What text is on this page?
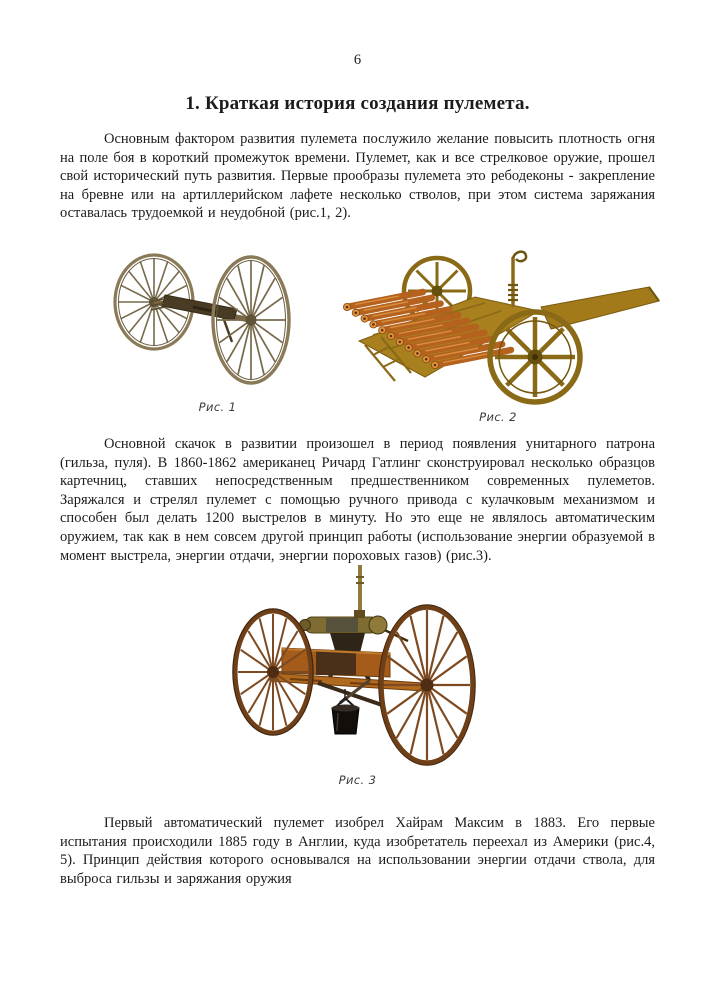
6
1. Краткая история создания пулемета.

Основным фактором развития пулемета послужило желание повысить плотность огня на поле боя в короткий промежуток времени. Пулемет, как и все стрелковое оружие, прошел свой исторический путь развития. Первые прообразы пулемета это ребодеконы - закрепление на бревне или на артиллерийском лафете несколько стволов, при этом система заряжания оставалась трудоемкой и неудобной (рис.1, 2).

Рис. 1
Рис. 2

Основной скачок в развитии произошел в период появления унитарного патрона (гильза, пуля). В 1860-1862 американец Ричард Гатлинг сконструировал несколько образцов картечниц, ставших непосредственным предшественником современных пулеметов. Заряжался и стрелял пулемет с помощью ручного привода с кулачковым механизмом и способен был делать 1200 выстрелов в минуту. Но это еще не являлось автоматическим оружием, так как в нем совсем другой принцип работы (использование энергии образуемой в момент выстрела, энергии отдачи, энергии пороховых газов) (рис.3).

Рис. 3

Первый автоматический пулемет изобрел Хайрам Максим в 1883. Его первые испытания происходили 1885 году в Англии, куда изобретатель переехал из Америки (рис.4, 5). Принцип действия которого основывался на использовании энергии отдачи ствола, для выброса гильзы и заряжания оружия
